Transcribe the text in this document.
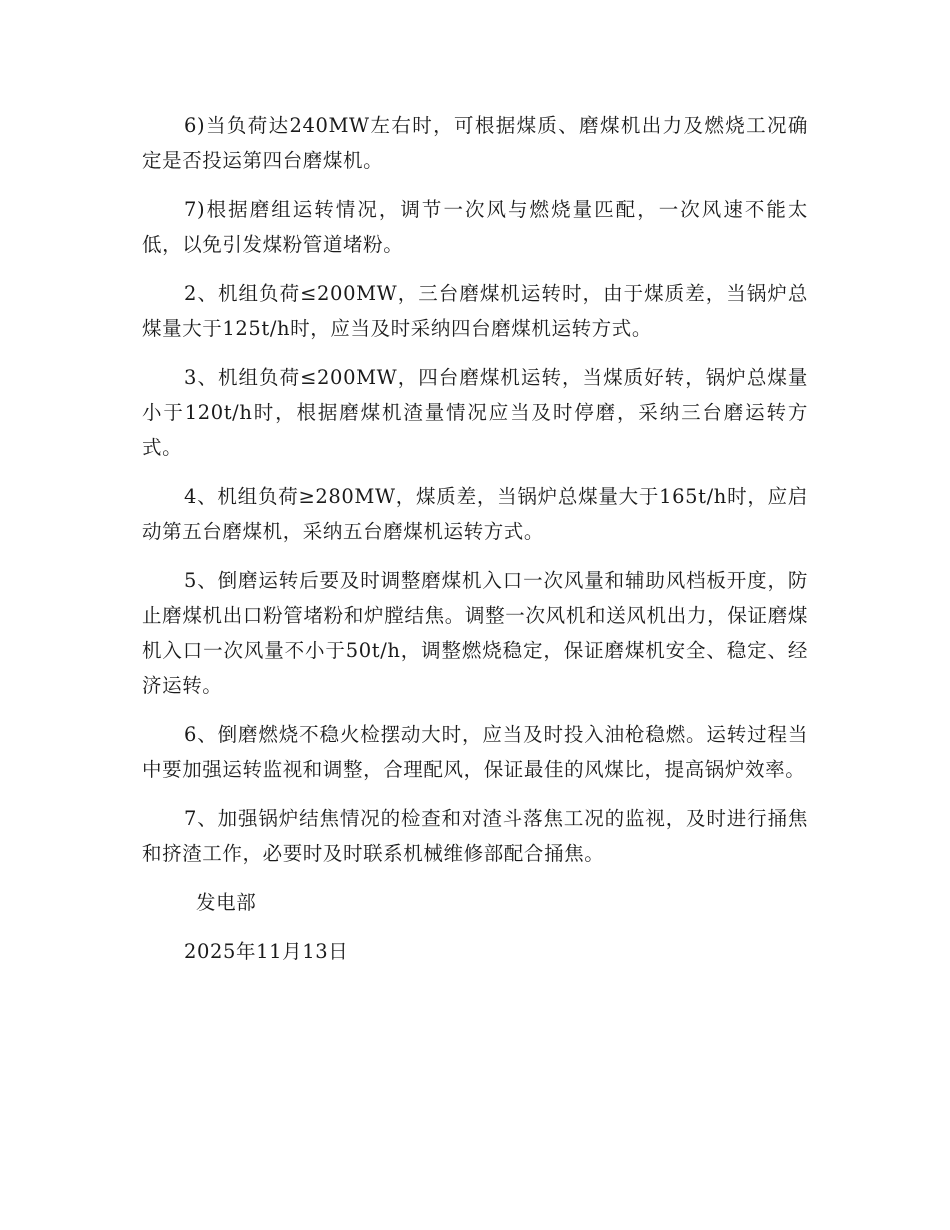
6)当负荷达240MW左右时，可根据煤质、磨煤机出力及燃烧工况确定是否投运第四台磨煤机。

7)根据磨组运转情况，调节一次风与燃烧量匹配，一次风速不能太低，以免引发煤粉管道堵粉。

2、机组负荷≤200MW，三台磨煤机运转时，由于煤质差，当锅炉总煤量大于125t/h时，应当及时采纳四台磨煤机运转方式。

3、机组负荷≤200MW，四台磨煤机运转，当煤质好转，锅炉总煤量小于120t/h时，根据磨煤机渣量情况应当及时停磨，采纳三台磨运转方式。

4、机组负荷≥280MW，煤质差，当锅炉总煤量大于165t/h时，应启动第五台磨煤机，采纳五台磨煤机运转方式。

5、倒磨运转后要及时调整磨煤机入口一次风量和辅助风档板开度，防止磨煤机出口粉管堵粉和炉膛结焦。调整一次风机和送风机出力，保证磨煤机入口一次风量不小于50t/h，调整燃烧稳定，保证磨煤机安全、稳定、经济运转。

6、倒磨燃烧不稳火检摆动大时，应当及时投入油枪稳燃。运转过程当中要加强运转监视和调整，合理配风，保证最佳的风煤比，提高锅炉效率。

7、加强锅炉结焦情况的检查和对渣斗落焦工况的监视，及时进行捅焦和挤渣工作，必要时及时联系机械维修部配合捅焦。

发电部

2025年11月13日
